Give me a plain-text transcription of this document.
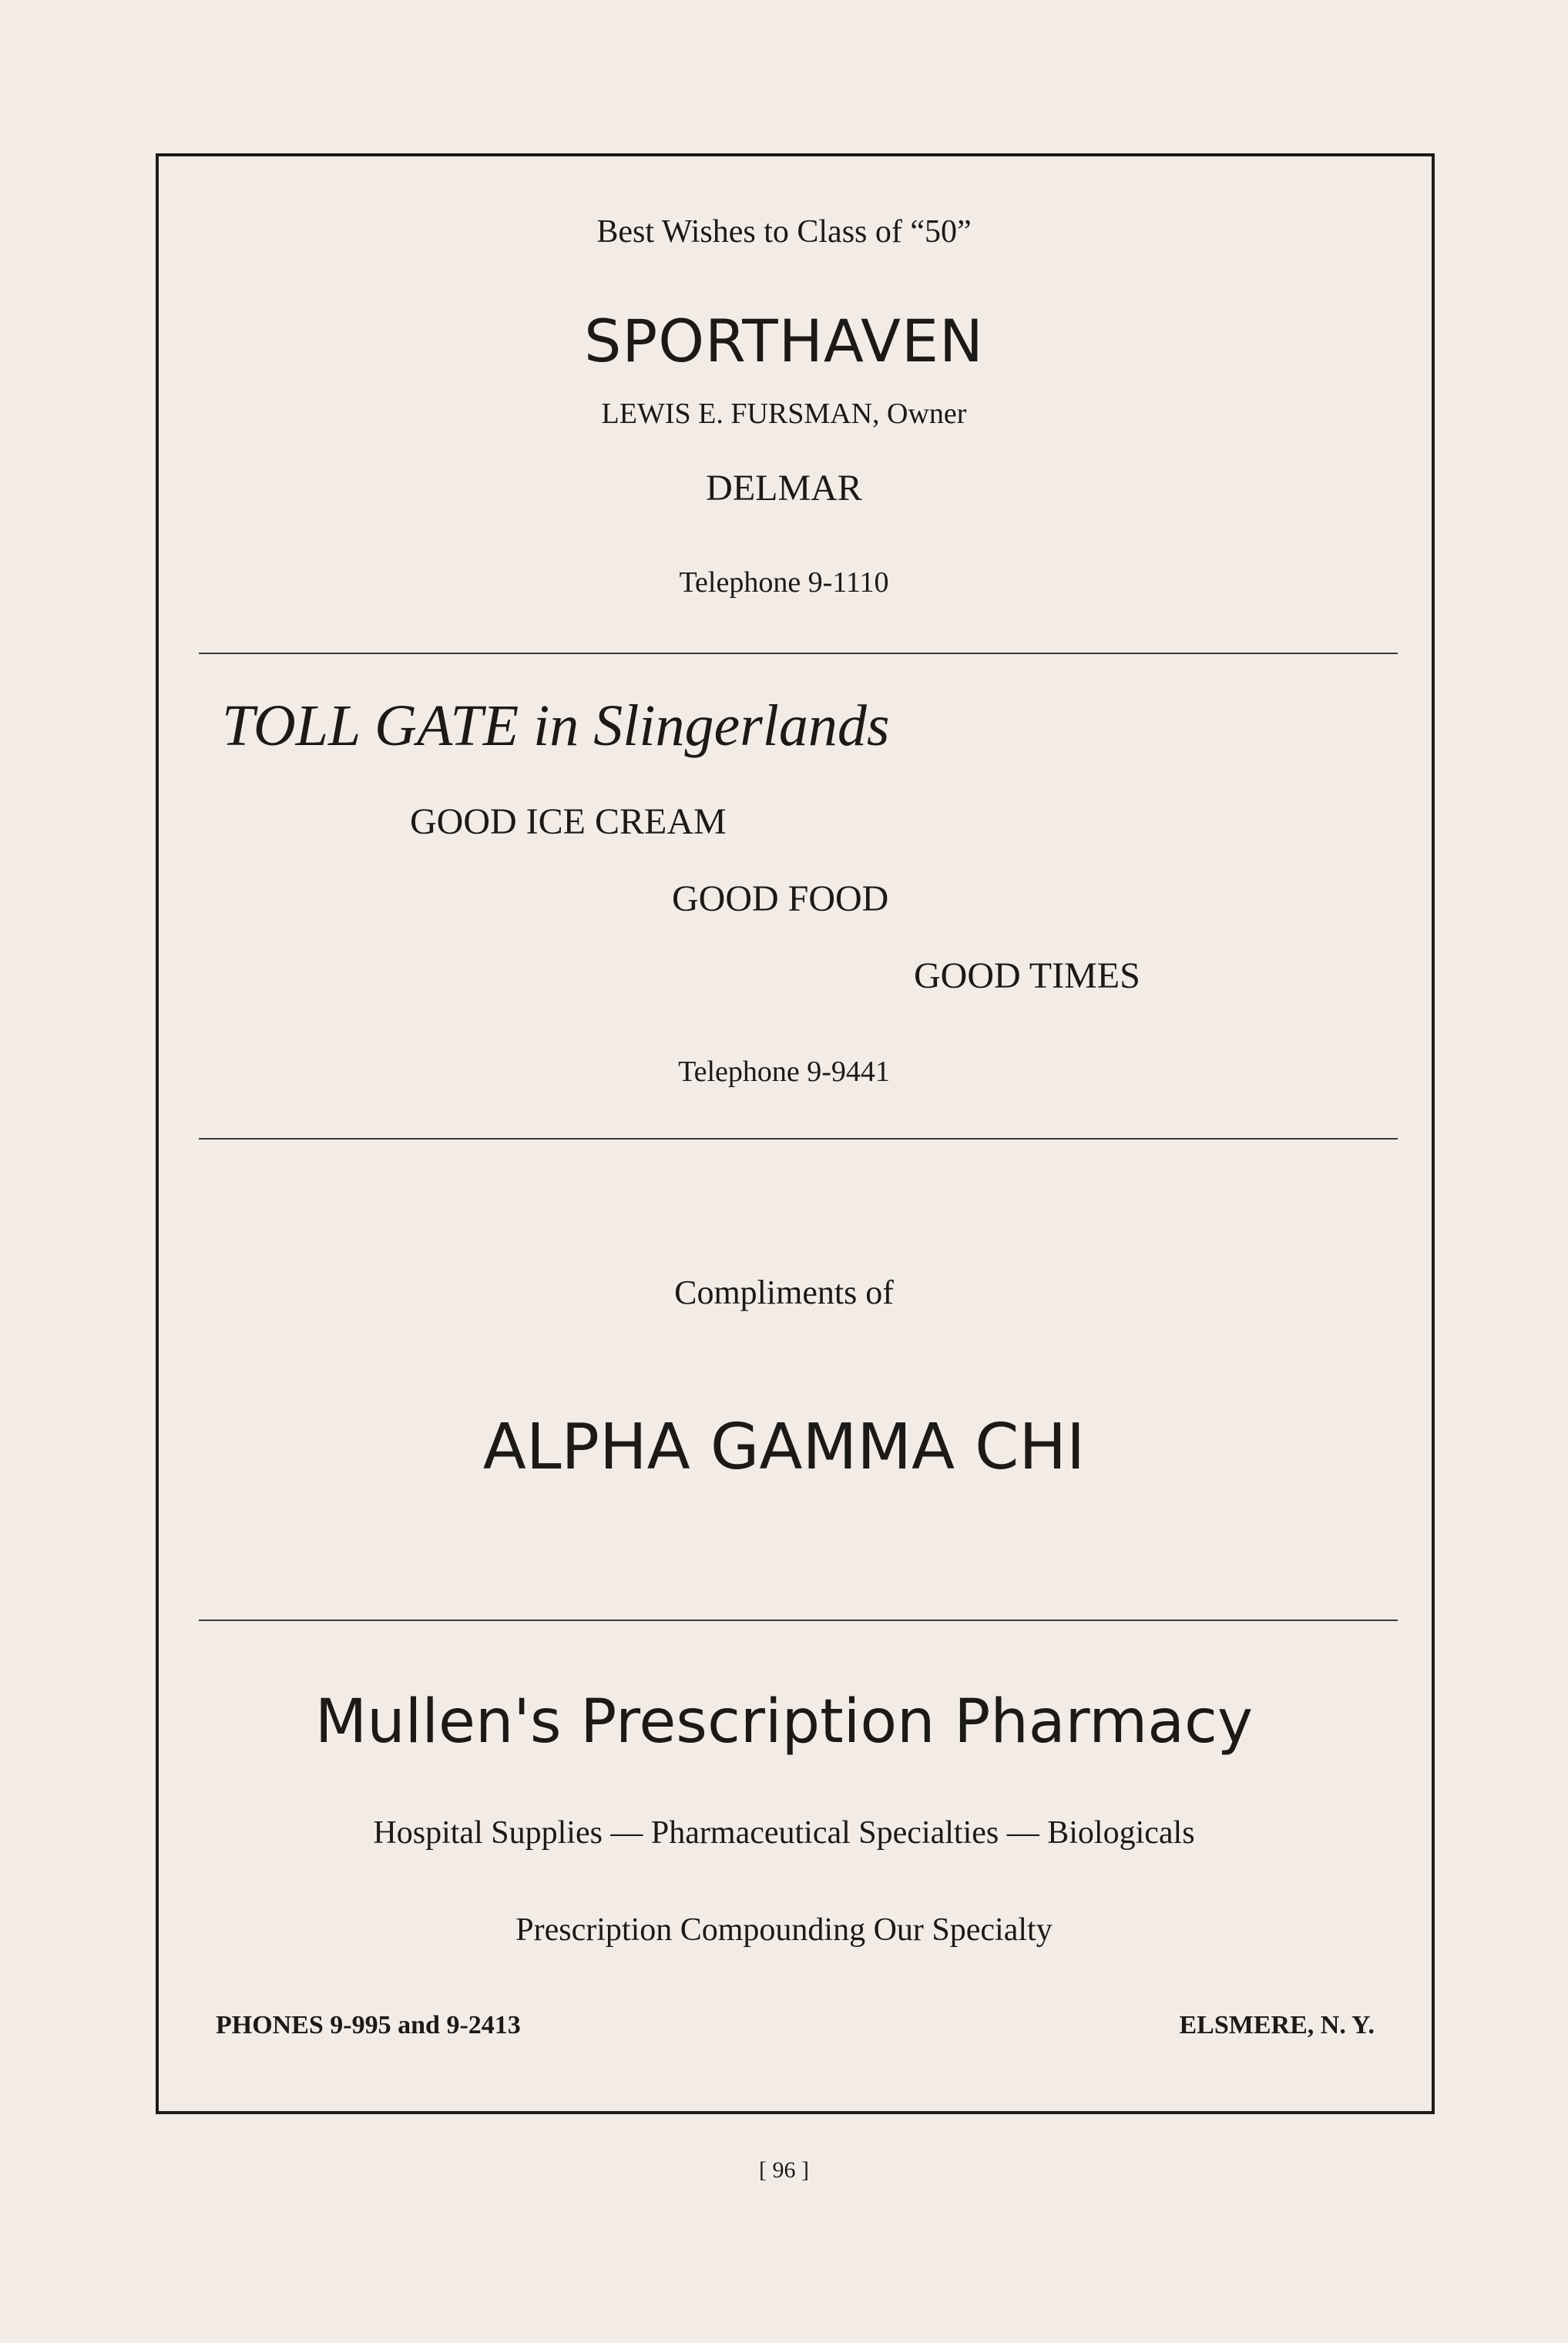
Best Wishes to Class of “50”
SPORTHAVEN
LEWIS E. FURSMAN, Owner
DELMAR
Telephone 9-1110
TOLL GATE in Slingerlands
GOOD ICE CREAM
GOOD FOOD
GOOD TIMES
Telephone 9-9441
Compliments of
ALPHA GAMMA CHI
Mullen's Prescription Pharmacy
Hospital Supplies — Pharmaceutical Specialties — Biologicals
Prescription Compounding Our Specialty
PHONES 9-995 and 9-2413	ELSMERE, N. Y.
[ 96 ]
